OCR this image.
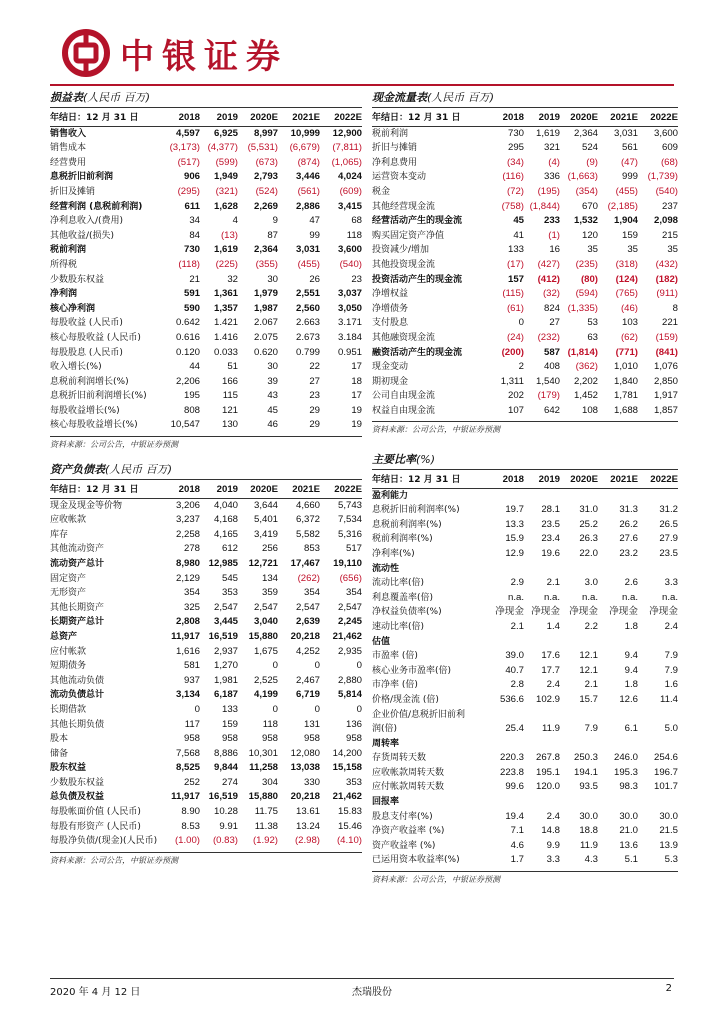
中银证券
损益表(人民币 百万)
年结日：12 月 31 日	2018	2019	2020E	2021E	2022E
销售收入	4,597	6,925	8,997	10,999	12,900
销售成本	(3,173)	(4,377)	(5,531)	(6,679)	(7,811)
经营费用	(517)	(599)	(673)	(874)	(1,065)
息税折旧前利润	906	1,949	2,793	3,446	4,024
折旧及摊销	(295)	(321)	(524)	(561)	(609)
经营利润 (息税前利润)	611	1,628	2,269	2,886	3,415
净利息收入/(费用)	34	4	9	47	68
其他收益/(损失)	84	(13)	87	99	118
税前利润	730	1,619	2,364	3,031	3,600
所得税	(118)	(225)	(355)	(455)	(540)
少数股东权益	21	32	30	26	23
净利润	591	1,361	1,979	2,551	3,037
核心净利润	590	1,357	1,987	2,560	3,050
每股收益 (人民币)	0.642	1.421	2.067	2.663	3.171
核心每股收益 (人民币)	0.616	1.416	2.075	2.673	3.184
每股股息 (人民币)	0.120	0.033	0.620	0.799	0.951
收入增长(%)	44	51	30	22	17
息税前利润增长(%)	2,206	166	39	27	18
息税折旧前利润增长(%)	195	115	43	23	17
每股收益增长(%)	808	121	45	29	19
核心每股收益增长(%)	10,547	130	46	29	19
资料来源：公司公告，中银证券预测
现金流量表(人民币 百万)
年结日：12 月 31 日	2018	2019	2020E	2021E	2022E
税前利润	730	1,619	2,364	3,031	3,600
折旧与摊销	295	321	524	561	609
净利息费用	(34)	(4)	(9)	(47)	(68)
运营资本变动	(116)	336	(1,663)	999	(1,739)
税金	(72)	(195)	(354)	(455)	(540)
其他经营现金流	(758)	(1,844)	670	(2,185)	237
经营活动产生的现金流	45	233	1,532	1,904	2,098
购买固定资产净值	41	(1)	120	159	215
投资减少/增加	133	16	35	35	35
其他投资现金流	(17)	(427)	(235)	(318)	(432)
投资活动产生的现金流	157	(412)	(80)	(124)	(182)
净增权益	(115)	(32)	(594)	(765)	(911)
净增债务	(61)	824	(1,335)	(46)	8
支付股息	0	27	53	103	221
其他融资现金流	(24)	(232)	63	(62)	(159)
融资活动产生的现金流	(200)	587	(1,814)	(771)	(841)
现金变动	2	408	(362)	1,010	1,076
期初现金	1,311	1,540	2,202	1,840	2,850
公司自由现金流	202	(179)	1,452	1,781	1,917
权益自由现金流	107	642	108	1,688	1,857
资料来源：公司公告，中银证券预测
资产负债表(人民币 百万)
年结日：12 月 31 日	2018	2019	2020E	2021E	2022E
现金及现金等价物	3,206	4,040	3,644	4,660	5,743
应收帐款	3,237	4,168	5,401	6,372	7,534
库存	2,258	4,165	3,419	5,582	5,316
其他流动资产	278	612	256	853	517
流动资产总计	8,980	12,985	12,721	17,467	19,110
固定资产	2,129	545	134	(262)	(656)
无形资产	354	353	359	354	354
其他长期资产	325	2,547	2,547	2,547	2,547
长期资产总计	2,808	3,445	3,040	2,639	2,245
总资产	11,917	16,519	15,880	20,218	21,462
应付帐款	1,616	2,937	1,675	4,252	2,935
短期债务	581	1,270	0	0	0
其他流动负债	937	1,981	2,525	2,467	2,880
流动负债总计	3,134	6,187	4,199	6,719	5,814
长期借款	0	133	0	0	0
其他长期负债	117	159	118	131	136
股本	958	958	958	958	958
储备	7,568	8,886	10,301	12,080	14,200
股东权益	8,525	9,844	11,258	13,038	15,158
少数股东权益	252	274	304	330	353
总负债及权益	11,917	16,519	15,880	20,218	21,462
每股帐面价值 (人民币)	8.90	10.28	11.75	13.61	15.83
每股有形资产 (人民币)	8.53	9.91	11.38	13.24	15.46
每股净负债/(现金)(人民币)	(1.00)	(0.83)	(1.92)	(2.98)	(4.10)
资料来源：公司公告，中银证券预测
主要比率(%)
年结日：12 月 31 日	2018	2019	2020E	2021E	2022E
盈利能力					
息税折旧前利润率(%)	19.7	28.1	31.0	31.3	31.2
息税前利润率(%)	13.3	23.5	25.2	26.2	26.5
税前利润率(%)	15.9	23.4	26.3	27.6	27.9
净利率(%)	12.9	19.6	22.0	23.2	23.5
流动性					
流动比率(倍)	2.9	2.1	3.0	2.6	3.3
利息覆盖率(倍)	n.a.	n.a.	n.a.	n.a.	n.a.
净权益负债率(%)	净现金	净现金	净现金	净现金	净现金
速动比率(倍)	2.1	1.4	2.2	1.8	2.4
估值					
市盈率 (倍)	39.0	17.6	12.1	9.4	7.9
核心业务市盈率(倍)	40.7	17.7	12.1	9.4	7.9
市净率 (倍)	2.8	2.4	2.1	1.8	1.6
价格/现金流 (倍)	536.6	102.9	15.7	12.6	11.4
企业价值/息税折旧前利					
润(倍)	25.4	11.9	7.9	6.1	5.0
周转率					
存货周转天数	220.3	267.8	250.3	246.0	254.6
应收帐款周转天数	223.8	195.1	194.1	195.3	196.7
应付帐款周转天数	99.6	120.0	93.5	98.3	101.7
回报率					
股息支付率(%)	19.4	2.4	30.0	30.0	30.0
净资产收益率 (%)	7.1	14.8	18.8	21.0	21.5
资产收益率 (%)	4.6	9.9	11.9	13.6	13.9
已运用资本收益率(%)	1.7	3.3	4.3	5.1	5.3
资料来源：公司公告，中银证券预测
2020 年 4 月 12 日	杰瑞股份	2
